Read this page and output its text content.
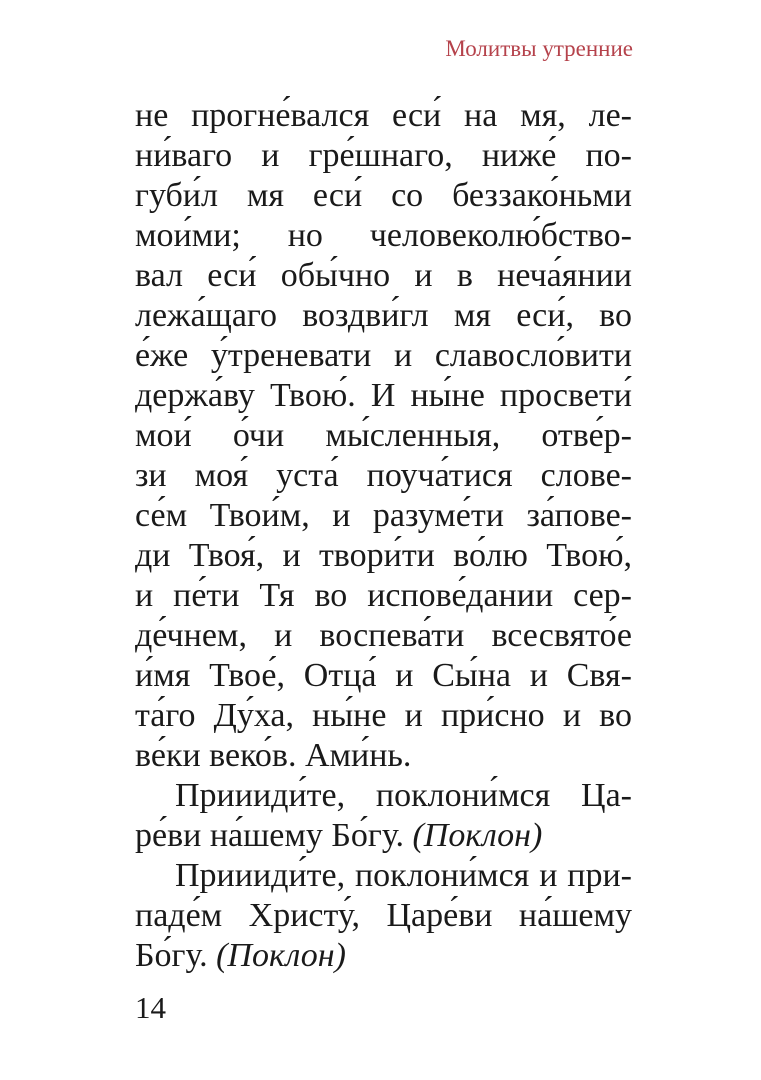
Молитвы утренние
не прогне́вался еси́ на мя, ле-
ни́ваго и гре́шнаго, ниже́ по-
губи́л мя еси́ со беззако́ньми
мои́ми; но человеколю́бство-
вал еси́ обы́чно и в неча́янии
лежа́щаго воздви́гл мя еси́, во
е́же у́треневати и славосло́вити
держа́ву Твою́. И ны́не просвети́
мои́ о́чи мы́сленныя, отве́р-
зи моя́ уста́ поуча́тися слове-
се́м Твои́м, и разуме́ти за́пове-
ди Твоя́, и твори́ти во́лю Твою́,
и пе́ти Тя во испове́дании сер-
де́чнем, и воспева́ти всесвято́е
и́мя Твое́, Отца́ и Сы́на и Свя-
та́го Ду́ха, ны́не и при́сно и во
ве́ки веко́в. Ами́нь.
Приииди́те, поклони́мся Ца-
ре́ви на́шему Бо́гу. (Поклон)
Приииди́те, поклони́мся и при-
паде́м Христу́, Царе́ви на́шему
Бо́гу. (Поклон)
14
